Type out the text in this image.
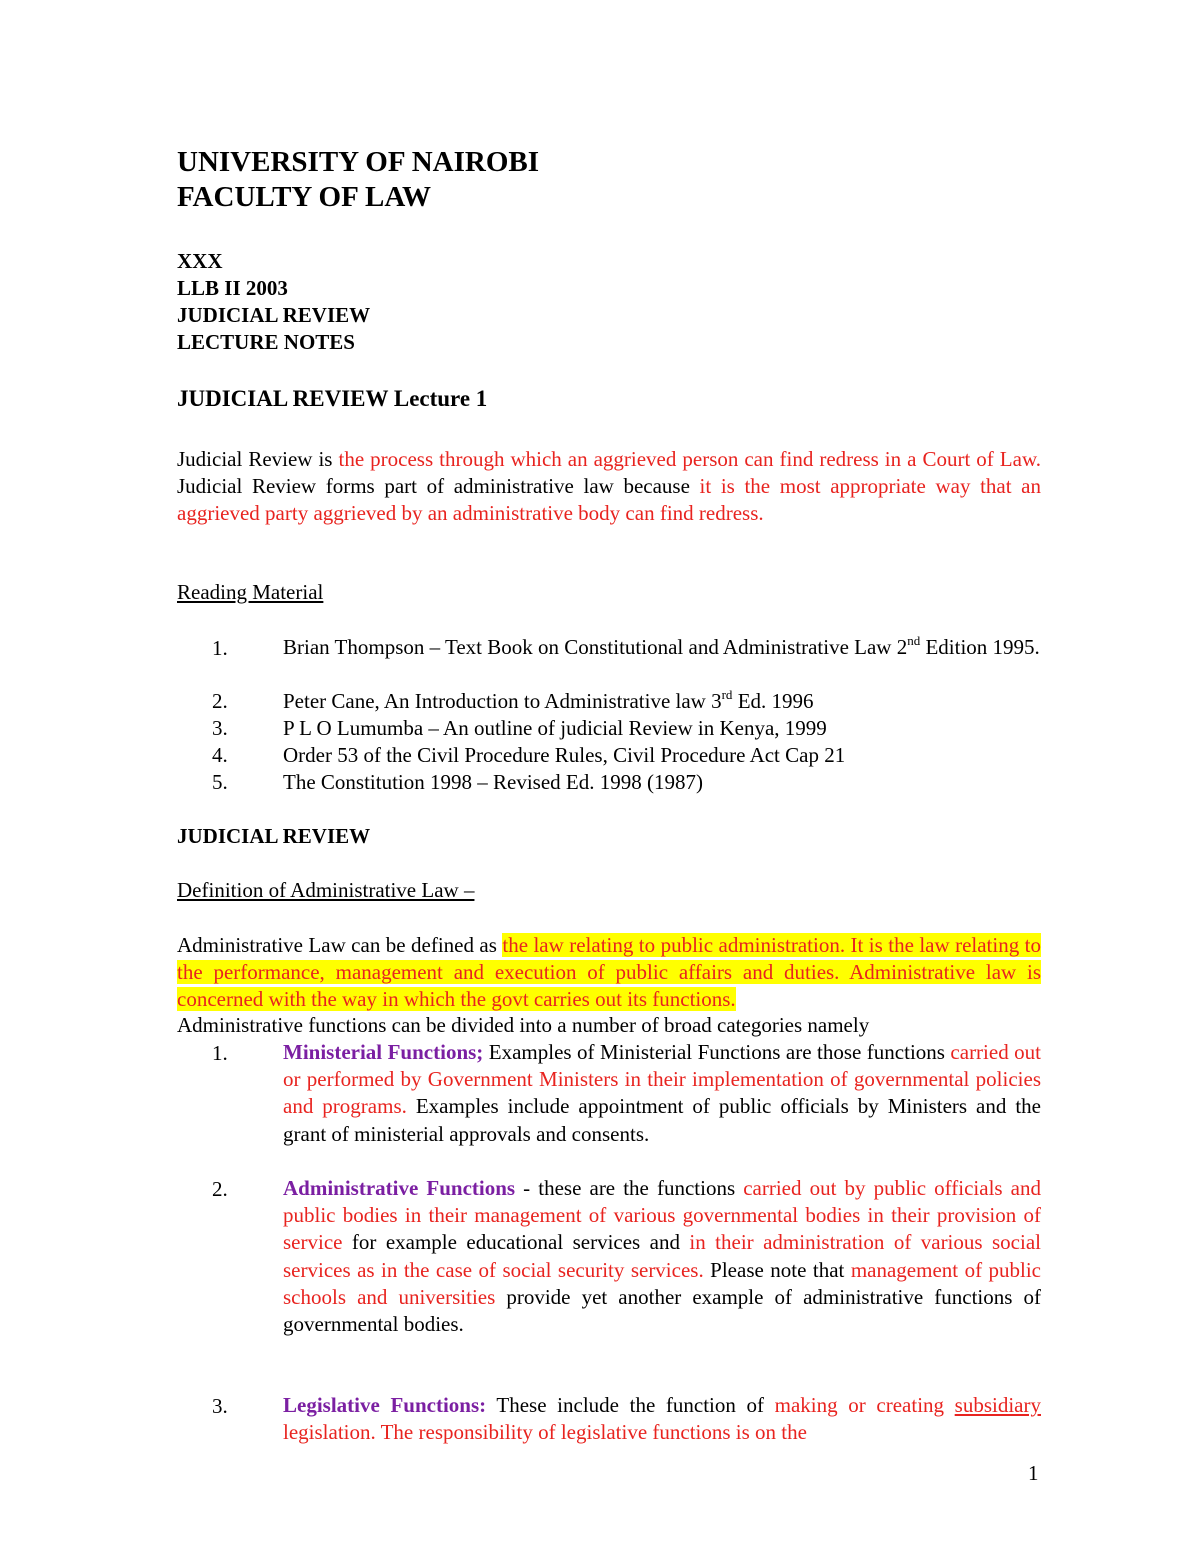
UNIVERSITY OF NAIROBI
FACULTY OF LAW
XXX
LLB II 2003
JUDICIAL REVIEW
LECTURE NOTES
JUDICIAL REVIEW Lecture 1
Judicial Review is the process through which an aggrieved person can find redress in a Court of Law. Judicial Review forms part of administrative law because it is the most appropriate way that an aggrieved party aggrieved by an administrative body can find redress.
Reading Material
1.	Brian Thompson – Text Book on Constitutional and Administrative Law 2nd Edition 1995.
2.	Peter Cane, An Introduction to Administrative law 3rd Ed. 1996
3.	P L O Lumumba – An outline of judicial Review in Kenya, 1999
4.	Order 53 of the Civil Procedure Rules, Civil Procedure Act Cap 21
5.	The Constitution 1998 – Revised Ed. 1998 (1987)
JUDICIAL REVIEW
Definition of Administrative Law –
Administrative Law can be defined as the law relating to public administration. It is the law relating to the performance, management and execution of public affairs and duties. Administrative law is concerned with the way in which the govt carries out its functions.
Administrative functions can be divided into a number of broad categories namely
1.	Ministerial Functions; Examples of Ministerial Functions are those functions carried out or performed by Government Ministers in their implementation of governmental policies and programs. Examples include appointment of public officials by Ministers and the grant of ministerial approvals and consents.
2.	Administrative Functions - these are the functions carried out by public officials and public bodies in their management of various governmental bodies in their provision of service for example educational services and in their administration of various social services as in the case of social security services. Please note that management of public schools and universities provide yet another example of administrative functions of governmental bodies.
3.	Legislative Functions: These include the function of making or creating subsidiary legislation. The responsibility of legislative functions is on the
1
